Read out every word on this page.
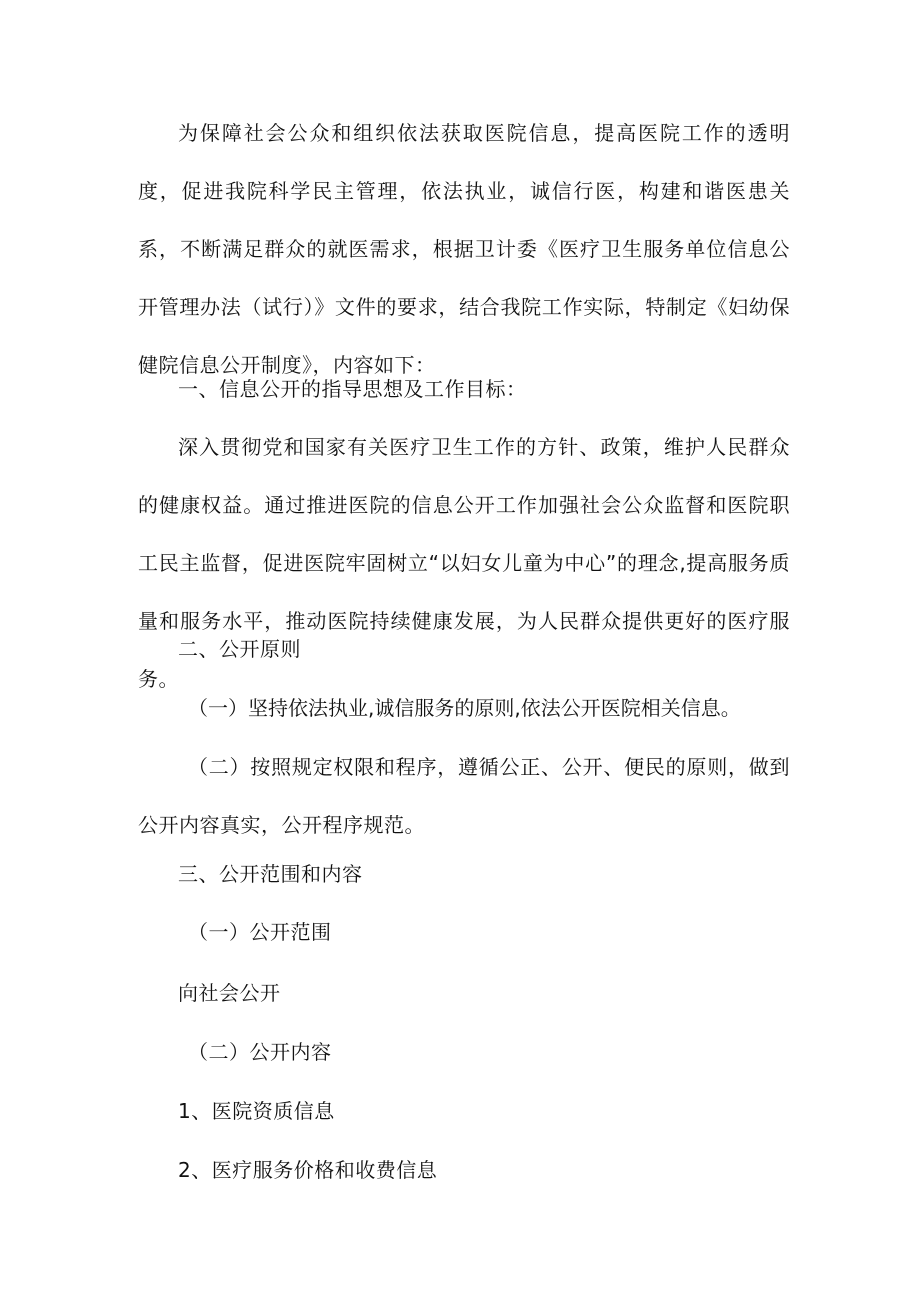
为保障社会公众和组织依法获取医院信息，提高医院工作的透明度，促进我院科学民主管理，依法执业，诚信行医，构建和谐医患关系，不断满足群众的就医需求，根据卫计委《医疗卫生服务单位信息公开管理办法（试行）》文件的要求，结合我院工作实际，特制定《妇幼保健院信息公开制度》，内容如下：

一、信息公开的指导思想及工作目标：

深入贯彻党和国家有关医疗卫生工作的方针、政策，维护人民群众的健康权益。通过推进医院的信息公开工作加强社会公众监督和医院职工民主监督，促进医院牢固树立“以妇女儿童为中心”的理念,提高服务质量和服务水平，推动医院持续健康发展，为人民群众提供更好的医疗服务。

二、公开原则

（一）坚持依法执业,诚信服务的原则,依法公开医院相关信息。

（二）按照规定权限和程序，遵循公正、公开、便民的原则，做到公开内容真实，公开程序规范。

三、公开范围和内容

（一）公开范围

向社会公开

（二）公开内容

1、医院资质信息

2、医疗服务价格和收费信息
